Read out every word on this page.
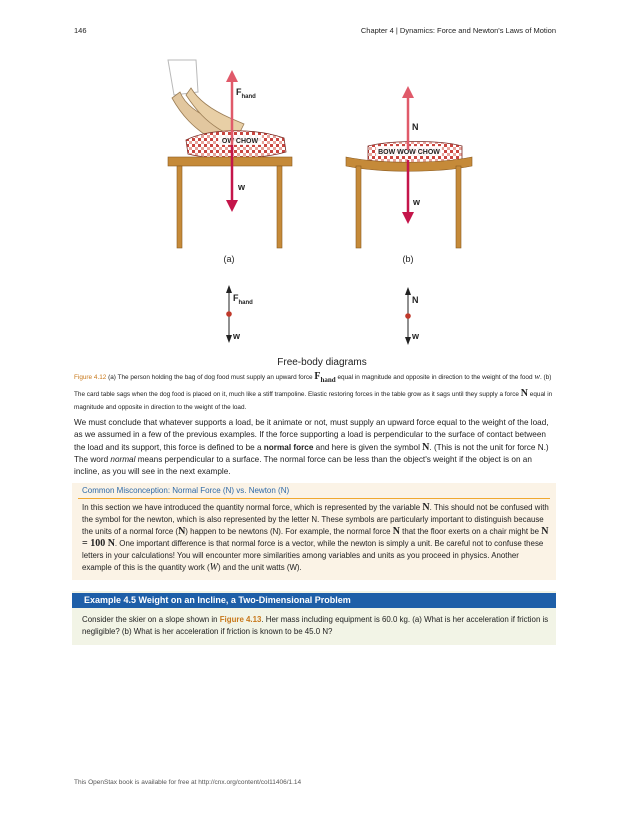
146	Chapter 4 | Dynamics: Force and Newton's Laws of Motion
OW CHOW
$F_{hand}$
w
(a)
BOW WOW CHOW
N
w
(b)
$F_{hand}$
w
N
w
Free-body diagrams
Figure 4.12 (a) The person holding the bag of dog food must supply an upward force $F_{hand}$ equal in magnitude and opposite in direction to the weight of the food w. (b) The card table sags when the dog food is placed on it, much like a stiff trampoline. Elastic restoring forces in the table grow as it sags until they supply a force N equal in magnitude and opposite in direction to the weight of the load.
We must conclude that whatever supports a load, be it animate or not, must supply an upward force equal to the weight of the load, as we assumed in a few of the previous examples. If the force supporting a load is perpendicular to the surface of contact between the load and its support, this force is defined to be a normal force and here is given the symbol N. (This is not the unit for force N.) The word normal means perpendicular to a surface. The normal force can be less than the object's weight if the object is on an incline, as you will see in the next example.
Common Misconception: Normal Force (N) vs. Newton (N)
In this section we have introduced the quantity normal force, which is represented by the variable N. This should not be confused with the symbol for the newton, which is also represented by the letter N. These symbols are particularly important to distinguish because the units of a normal force (N) happen to be newtons (N). For example, the normal force N that the floor exerts on a chair might be N = 100 N. One important difference is that normal force is a vector, while the newton is simply a unit. Be careful not to confuse these letters in your calculations! You will encounter more similarities among variables and units as you proceed in physics. Another example of this is the quantity work (W) and the unit watts (W).
Example 4.5 Weight on an Incline, a Two-Dimensional Problem
Consider the skier on a slope shown in Figure 4.13. Her mass including equipment is 60.0 kg. (a) What is her acceleration if friction is negligible? (b) What is her acceleration if friction is known to be 45.0 N?
This OpenStax book is available for free at http://cnx.org/content/col11406/1.14
